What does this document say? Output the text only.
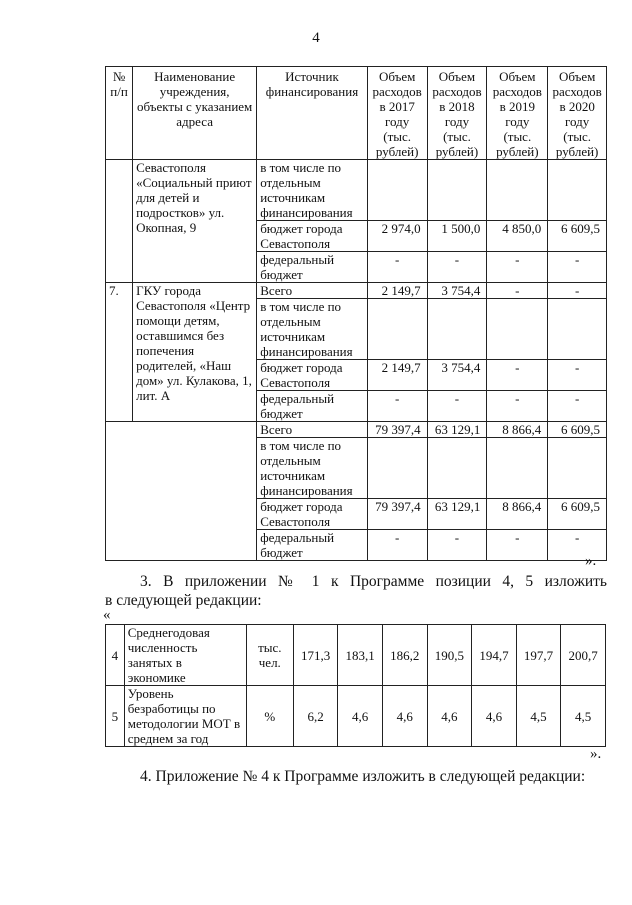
4
№ п/п	Наименование учреждения, объекты с указанием адреса	Источник финансирования	Объем расходов в 2017 году (тыс. рублей)	Объем расходов в 2018 году (тыс. рублей)	Объем расходов в 2019 году (тыс. рублей)	Объем расходов в 2020 году (тыс. рублей)
	Севастополя «Социальный приют для детей и подростков» ул. Окопная, 9	в том числе по отдельным источникам финансирования				
		бюджет города Севастополя	2 974,0	1 500,0	4 850,0	6 609,5
		федеральный бюджет	-	-	-	-
7.	ГКУ города Севастополя «Центр помощи детям, оставшимся без попечения родителей, «Наш дом» ул. Кулакова, 1, лит. А	Всего	2 149,7	3 754,4	-	-
		в том числе по отдельным источникам финансирования				
		бюджет города Севастополя	2 149,7	3 754,4	-	-
		федеральный бюджет	-	-	-	-
		Всего	79 397,4	63 129,1	8 866,4	6 609,5
		в том числе по отдельным источникам финансирования				
		бюджет города Севастополя	79 397,4	63 129,1	8 866,4	6 609,5
		федеральный бюджет	-	-	-	-
».
3. В приложении № 1 к Программе позиции 4, 5 изложить
в следующей редакции:
«
4	Среднегодовая численность занятых в экономике	тыс. чел.	171,3	183,1	186,2	190,5	194,7	197,7	200,7
5	Уровень безработицы по методологии МОТ в среднем за год	%	6,2	4,6	4,6	4,6	4,6	4,5	4,5
».
4. Приложение № 4 к Программе изложить в следующей редакции:
